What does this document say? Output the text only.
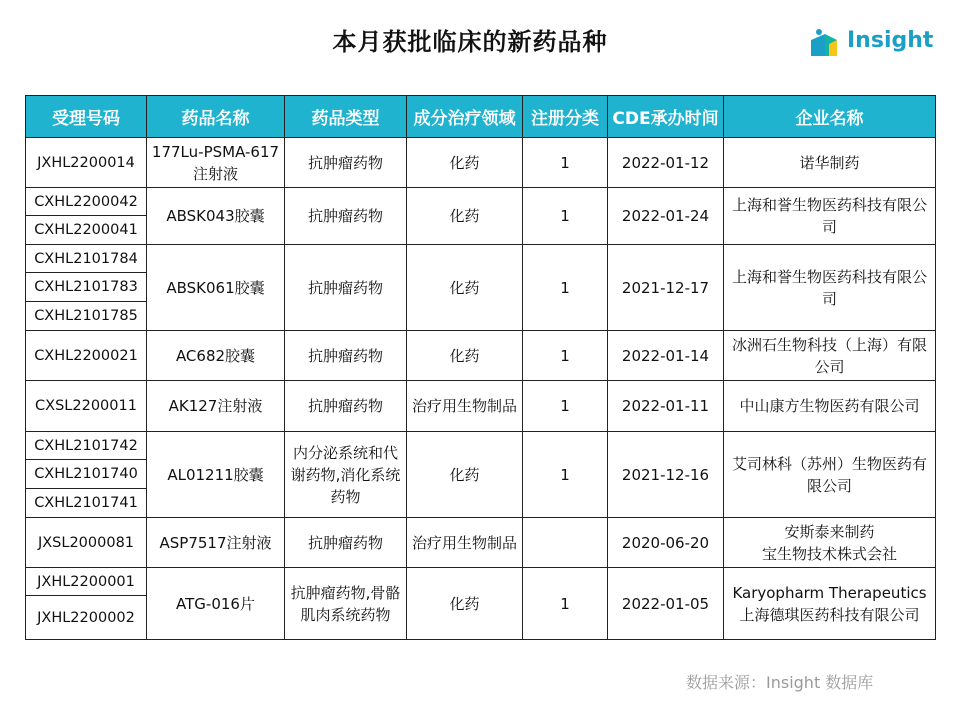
本月获批临床的新药品种	Insight
受理号码	药品名称	药品类型	成分治疗领域	注册分类	CDE承办时间	企业名称
JXHL2200014	177Lu-PSMA-617注射液	抗肿瘤药物	化药	1	2022-01-12	诺华制药
CXHL2200042	ABSK043胶囊	抗肿瘤药物	化药	1	2022-01-24	上海和誉生物医药科技有限公司
CXHL2200041						
CXHL2101784	ABSK061胶囊	抗肿瘤药物	化药	1	2021-12-17	上海和誉生物医药科技有限公司
CXHL2101783						
CXHL2101785						
CXHL2200021	AC682胶囊	抗肿瘤药物	化药	1	2022-01-14	冰洲石生物科技（上海）有限公司
CXSL2200011	AK127注射液	抗肿瘤药物	治疗用生物制品	1	2022-01-11	中山康方生物医药有限公司
CXHL2101742	AL01211胶囊	内分泌系统和代谢药物,消化系统药物	化药	1	2021-12-16	艾司林科（苏州）生物医药有限公司
CXHL2101740						
CXHL2101741						
JXSL2000081	ASP7517注射液	抗肿瘤药物	治疗用生物制品		2020-06-20	安斯泰来制药
宝生物技术株式会社
JXHL2200001	ATG-016片	抗肿瘤药物,骨骼肌肉系统药物	化药	1	2022-01-05	Karyopharm Therapeutics
上海德琪医药科技有限公司
JXHL2200002						
数据来源：Insight 数据库
